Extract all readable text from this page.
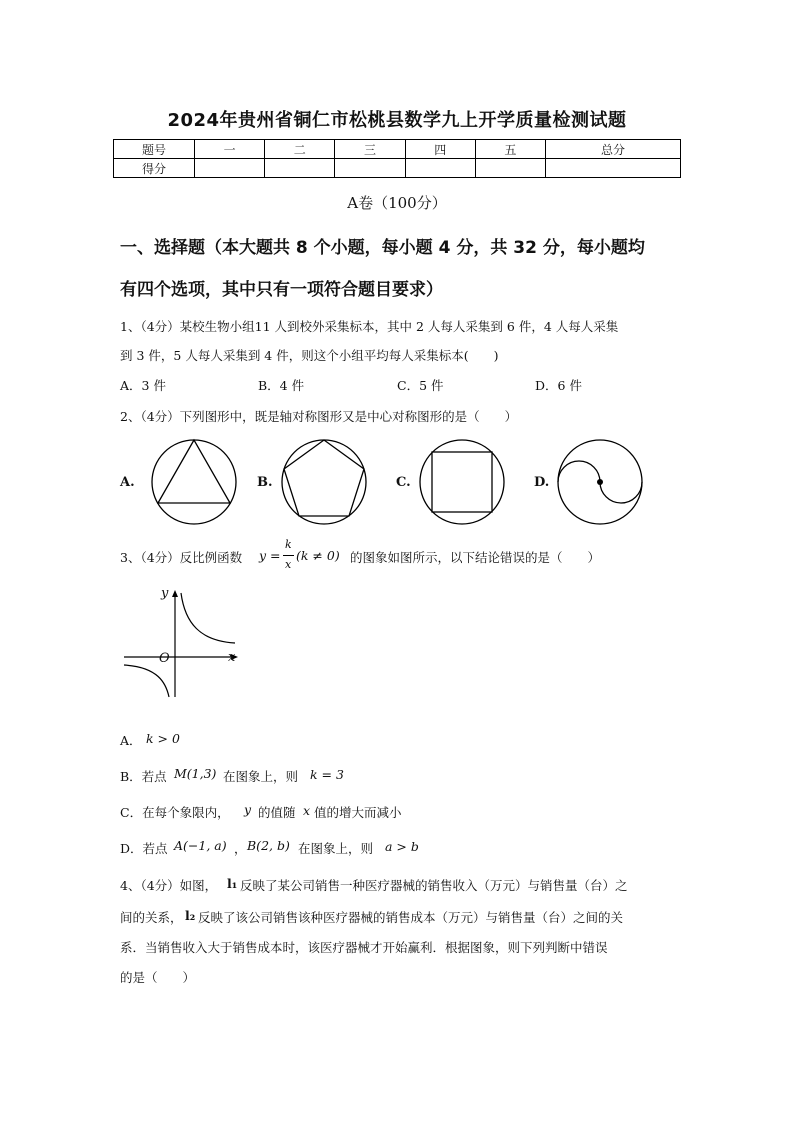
2024年贵州省铜仁市松桃县数学九上开学质量检测试题
题号	一	二	三	四	五	总分
得分						
A卷（100分）
一、选择题（本大题共 8 个小题，每小题 4 分，共 32 分，每小题均
有四个选项，其中只有一项符合题目要求）
1、（4分）某校生物小组11 人到校外采集标本，其中 2 人每人采集到 6 件，4 人每人采集
到 3 件，5 人每人采集到 4 件，则这个小组平均每人采集标本(　　)
A．3 件	B．4 件	C．5 件	D．6 件
2、（4分）下列图形中，既是轴对称图形又是中心对称图形的是（　　）
A.	B.	C.	D.
3、（4分）反比例函数 y =
k
x
(k ≠ 0) 的图象如图所示，以下结论错误的是（　　）
y
x
O
A． k > 0
B．若点 M(1,3) 在图象上，则 k = 3
C．在每个象限内， y 的值随 x 值的增大而减小
D．若点 A(−1, a) ， B(2, b) 在图象上，则 a > b
4、（4分）如图， l₁ 反映了某公司销售一种医疗器械的销售收入（万元）与销售量（台）之
间的关系， l₂ 反映了该公司销售该种医疗器械的销售成本（万元）与销售量（台）之间的关
系．当销售收入大于销售成本时，该医疗器械才开始赢利．根据图象，则下列判断中错误
的是（　　）
